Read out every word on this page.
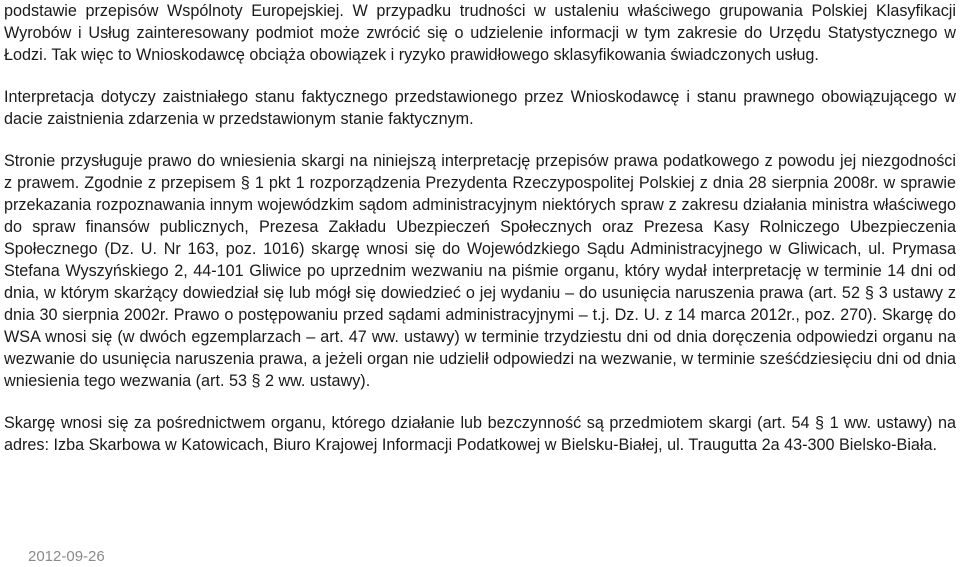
podstawie przepisów Wspólnoty Europejskiej. W przypadku trudności w ustaleniu właściwego grupowania Polskiej Klasyfikacji Wyrobów i Usług zainteresowany podmiot może zwrócić się o udzielenie informacji w tym zakresie do Urzędu Statystycznego w Łodzi. Tak więc to Wnioskodawcę obciąża obowiązek i ryzyko prawidłowego sklasyfikowania świadczonych usług.

Interpretacja dotyczy zaistniałego stanu faktycznego przedstawionego przez Wnioskodawcę i stanu prawnego obowiązującego w dacie zaistnienia zdarzenia w przedstawionym stanie faktycznym.

Stronie przysługuje prawo do wniesienia skargi na niniejszą interpretację przepisów prawa podatkowego z powodu jej niezgodności z prawem. Zgodnie z przepisem § 1 pkt 1 rozporządzenia Prezydenta Rzeczypospolitej Polskiej z dnia 28 sierpnia 2008r. w sprawie przekazania rozpoznawania innym wojewódzkim sądom administracyjnym niektórych spraw z zakresu działania ministra właściwego do spraw finansów publicznych, Prezesa Zakładu Ubezpieczeń Społecznych oraz Prezesa Kasy Rolniczego Ubezpieczenia Społecznego (Dz. U. Nr 163, poz. 1016) skargę wnosi się do Wojewódzkiego Sądu Administracyjnego w Gliwicach, ul. Prymasa Stefana Wyszyńskiego 2, 44-101 Gliwice po uprzednim wezwaniu na piśmie organu, który wydał interpretację w terminie 14 dni od dnia, w którym skarżący dowiedział się lub mógł się dowiedzieć o jej wydaniu – do usunięcia naruszenia prawa (art. 52 § 3 ustawy z dnia 30 sierpnia 2002r. Prawo o postępowaniu przed sądami administracyjnymi – t.j. Dz. U. z 14 marca 2012r., poz. 270). Skargę do WSA wnosi się (w dwóch egzemplarzach – art. 47 ww. ustawy) w terminie trzydziestu dni od dnia doręczenia odpowiedzi organu na wezwanie do usunięcia naruszenia prawa, a jeżeli organ nie udzielił odpowiedzi na wezwanie, w terminie sześćdziesięciu dni od dnia wniesienia tego wezwania (art. 53 § 2 ww. ustawy).

Skargę wnosi się za pośrednictwem organu, którego działanie lub bezczynność są przedmiotem skargi (art. 54 § 1 ww. ustawy) na adres: Izba Skarbowa w Katowicach, Biuro Krajowej Informacji Podatkowej w Bielsku-Białej, ul. Traugutta 2a 43-300 Bielsko-Biała.

2012-09-26
